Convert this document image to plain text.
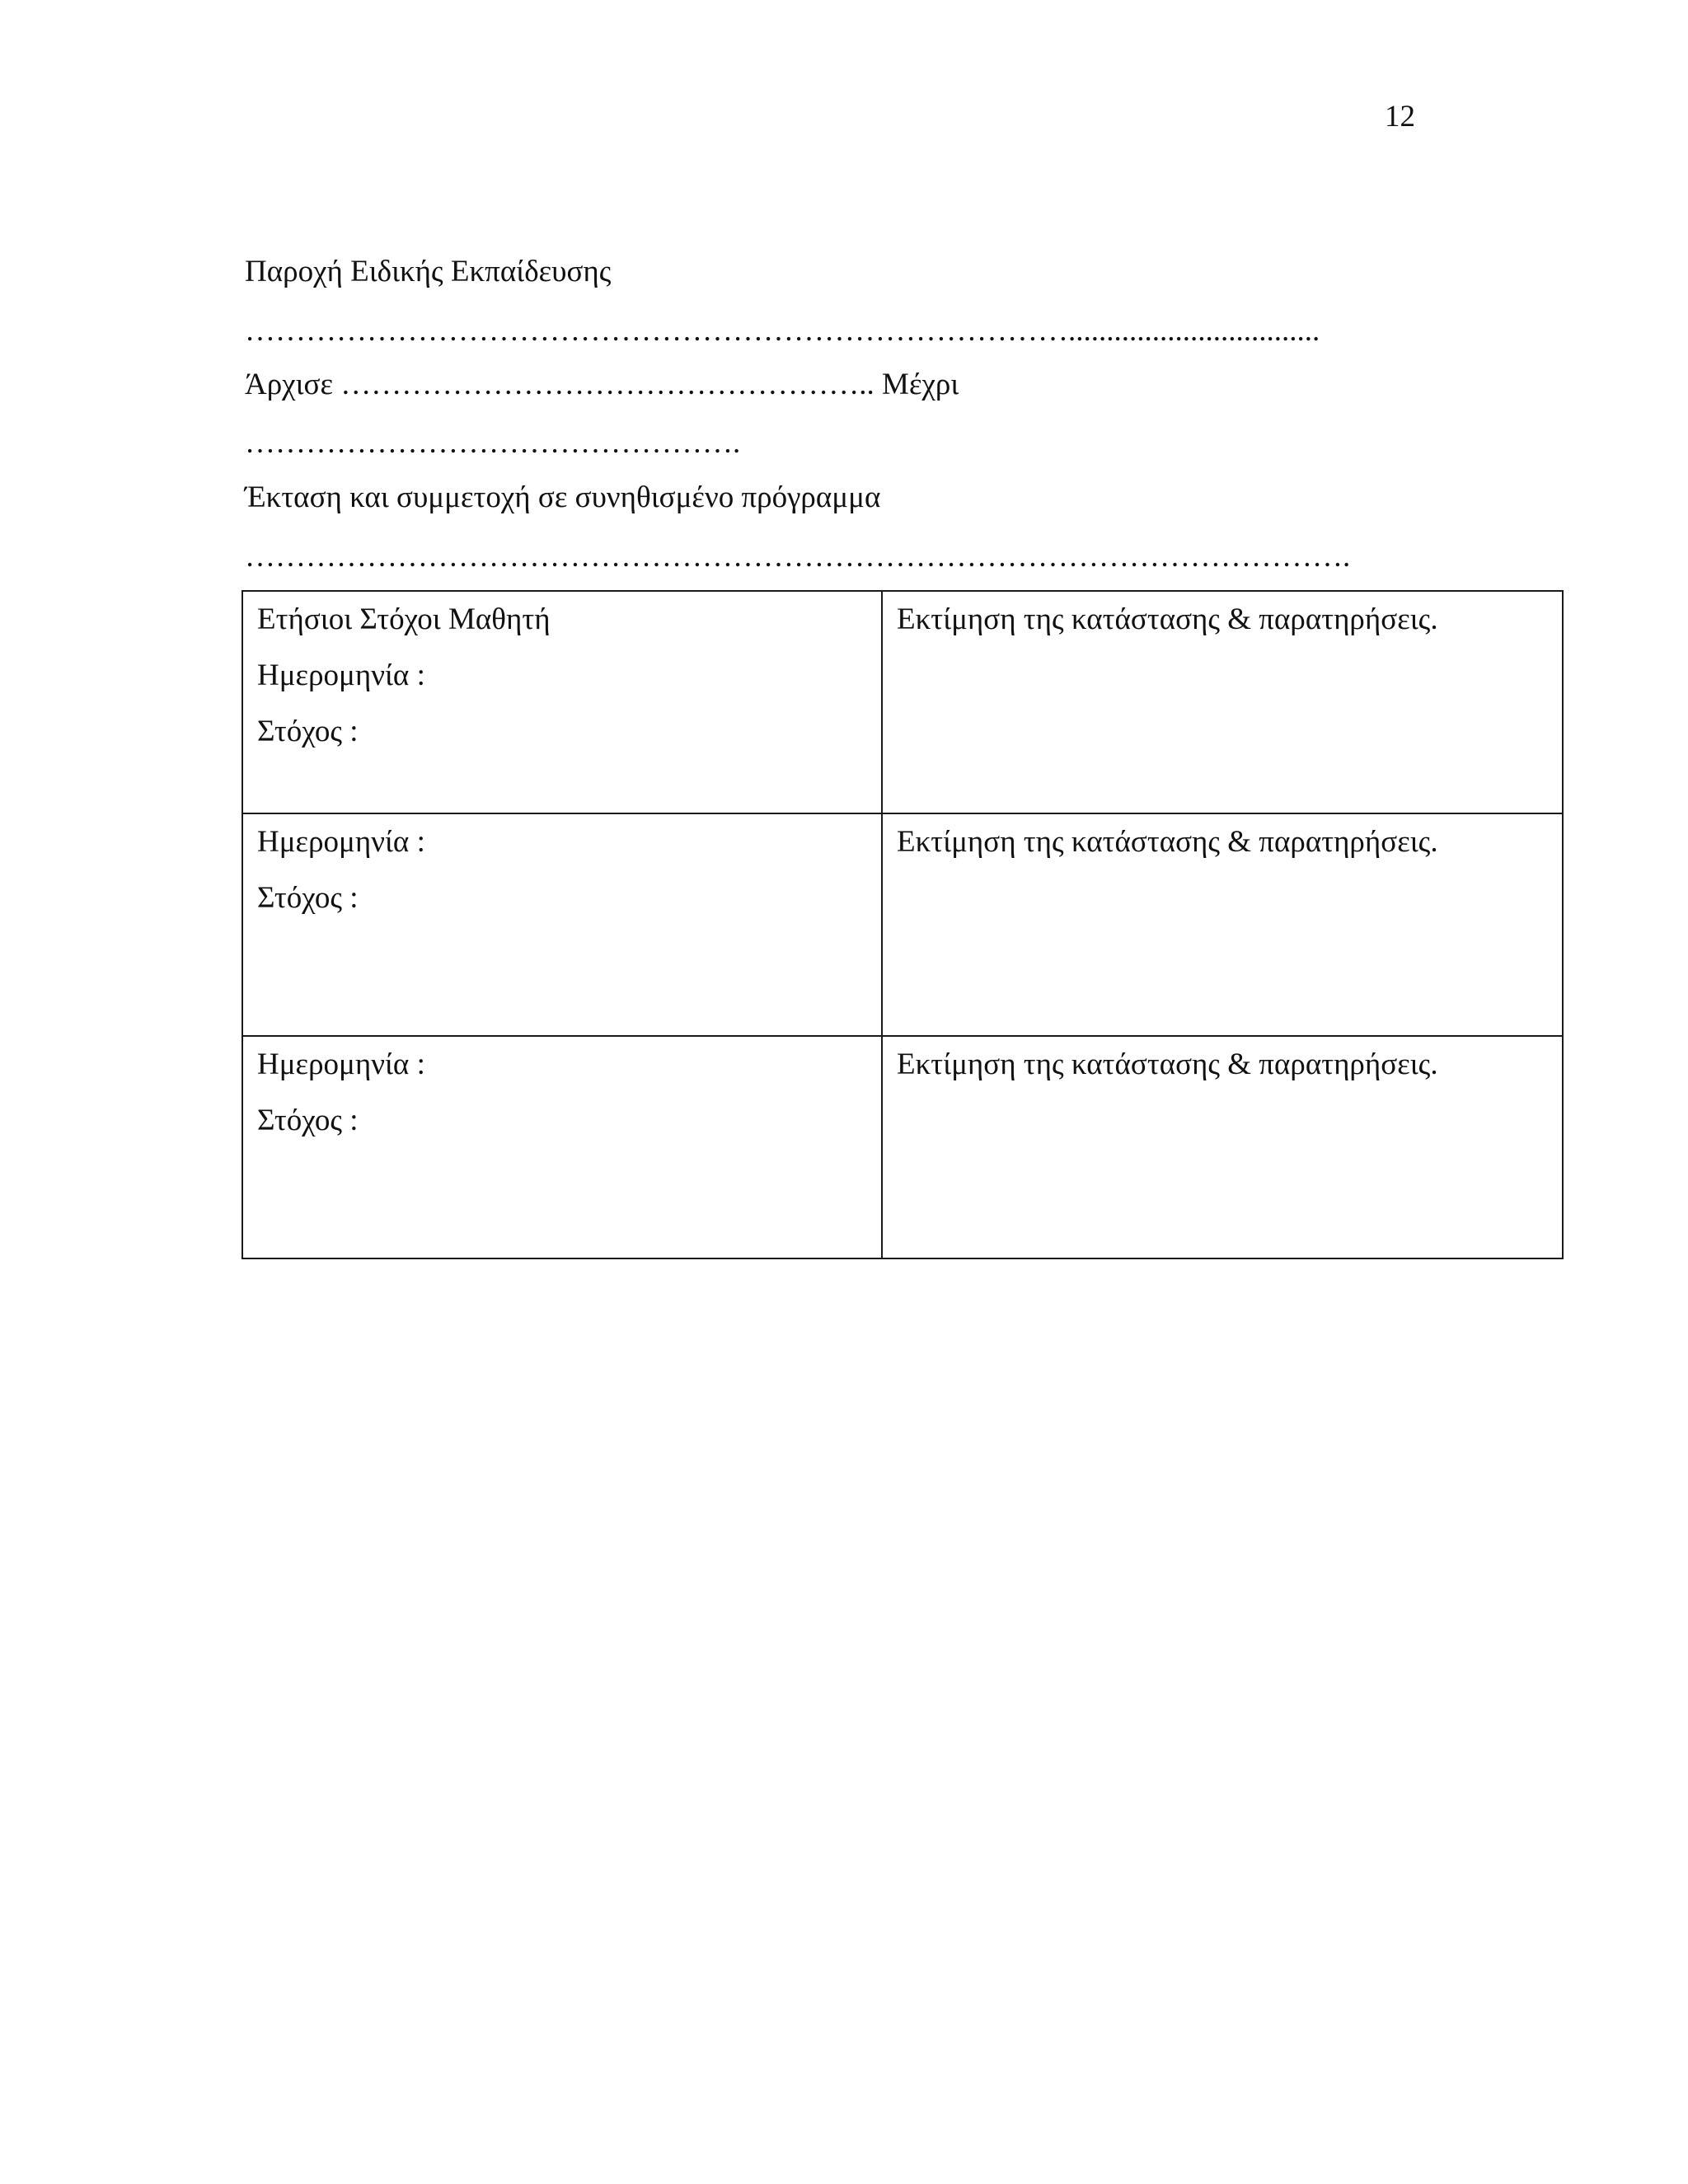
12
Παροχή Ειδικής Εκπαίδευσης
……………………………………………………………………….................................
Άρχισε …………………………………………….. Μέχρι
………………………………………….
Έκταση και συμμετοχή σε συνηθισμένο πρόγραμμα
……………………………………………………………………………………………….
Ετήσιοι Στόχοι Μαθητή
Ημερομηνία :
Στόχος :	Εκτίμηση της κατάστασης & παρατηρήσεις.

Ημερομηνία :
Στόχος :	Εκτίμηση της κατάστασης & παρατηρήσεις.

Ημερομηνία :
Στόχος :	Εκτίμηση της κατάστασης & παρατηρήσεις.
